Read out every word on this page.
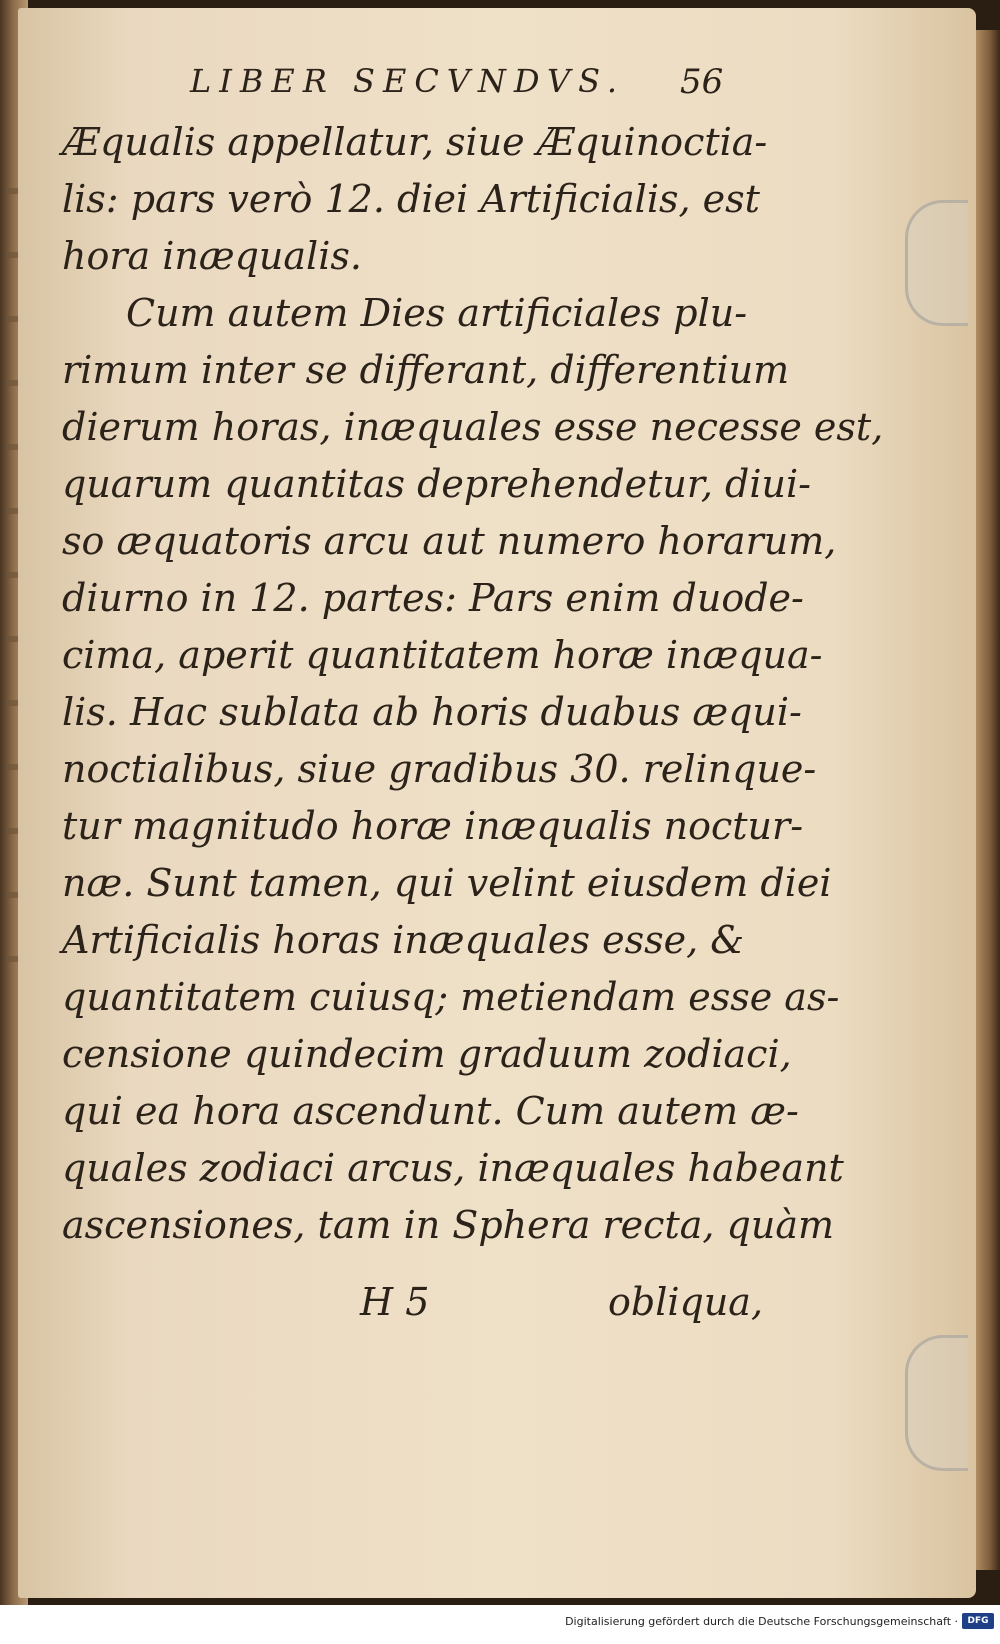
LIBER SECVNDVS. 56
Æqualis appellatur, siue Æquinoctia-
lis: pars verò 12. diei Artificialis, est
hora inæqualis.
Cum autem Dies artificiales plu-
rimum inter se differant, differentium
dierum horas, inæquales esse necesse est,
quarum quantitas deprehendetur, diui-
so æquatoris arcu aut numero horarum,
diurno in 12. partes: Pars enim duode-
cima, aperit quantitatem horæ inæqua-
lis. Hac sublata ab horis duabus æqui-
noctialibus, siue gradibus 30. relinque-
tur magnitudo horæ inæqualis noctur-
næ. Sunt tamen, qui velint eiusdem diei
Artificialis horas inæquales esse, &
quantitatem cuiusq; metiendam esse as-
censione quindecim graduum zodiaci,
qui ea hora ascendunt. Cum autem æ-
quales zodiaci arcus, inæquales habeant
ascensiones, tam in Sphera recta, quàm
H 5	obliqua,
Digitalisierung gefördert durch die Deutsche Forschungsgemeinschaft ·	DFG
